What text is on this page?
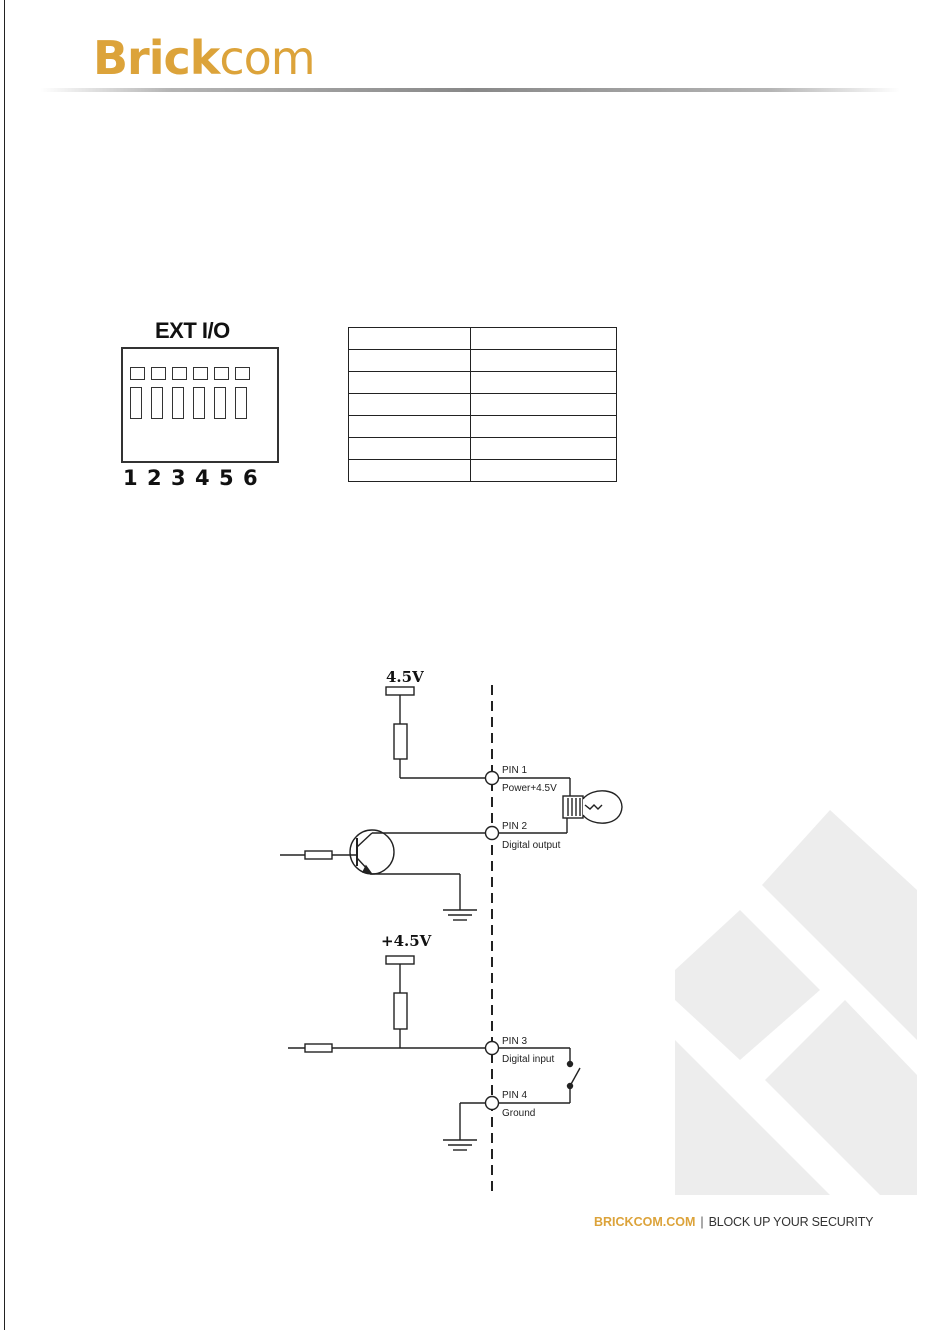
Brickcom
EXT I/O
1 2 3 4 5 6

4.5V
PIN 1
Power+4.5V
PIN 2
Digital output
+4.5V
PIN 3
Digital input
PIN 4
Ground
BRICKCOM.COM | BLOCK UP YOUR SECURITY
